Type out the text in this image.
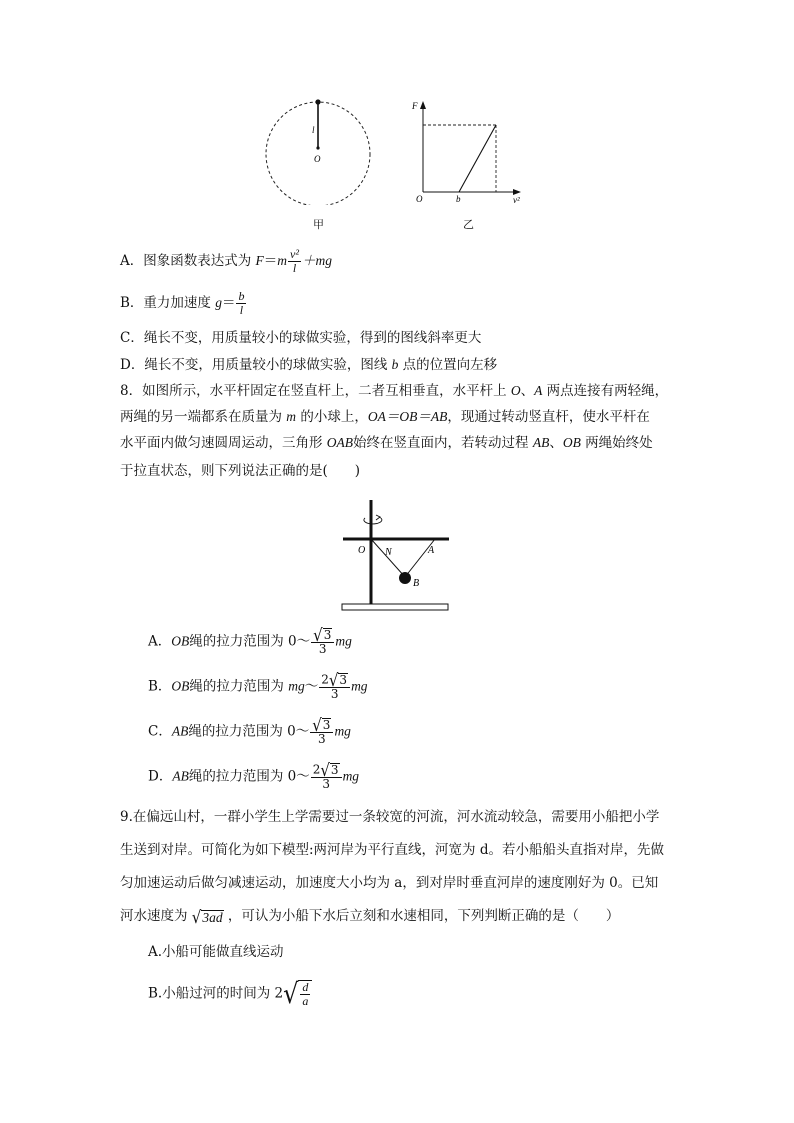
l
O
甲
F
O	b	v²
乙
A．图象函数表达式为 $F=m \frac{\text{v²}}{l} +mg$
B．重力加速度 $g= \frac{b}{l}$
C．绳长不变，用质量较小的球做实验，得到的图线斜率更大
D．绳长不变，用质量较小的球做实验，图线 b 点的位置向左移
8．如图所示，水平杆固定在竖直杆上，二者互相垂直，水平杆上 O、A 两点连接有两轻绳，
两绳的另一端都系在质量为 m 的小球上，OA＝OB＝AB，现通过转动竖直杆，使水平杆在
水平面内做匀速圆周运动，三角形 OAB始终在竖直面内，若转动过程 AB、OB 两绳始终处
于拉直状态，则下列说法正确的是(　　)
O N	A
B
A．OB绳的拉力范围为 0～ $\frac{√ 3}{3}$ mg
B．OB绳的拉力范围为 mg～ $\frac{2 √ 3}{3}$ mg
C．AB绳的拉力范围为 0～ $\frac{√ 3}{3}$ mg
D．AB绳的拉力范围为 0～ $\frac{2 √ 3}{3}$ mg
9.在偏远山村，一群小学生上学需要过一条较宽的河流，河水流动较急，需要用小船把小学
生送到对岸。可简化为如下模型:两河岸为平行直线，河宽为 d。若小船船头直指对岸，先做
匀加速运动后做匀减速运动，加速度大小均为 a，到对岸时垂直河岸的速度刚好为 0。已知
河水速度为 √ 3ad ，可认为小船下水后立刻和水速相同，下列判断正确的是（　　）
A.小船可能做直线运动
B.小船过河的时间为 2 √ $\frac{d}{a}$
